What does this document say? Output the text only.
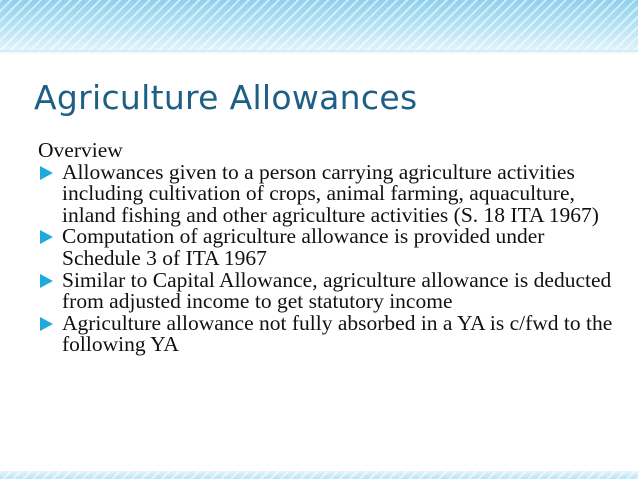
Agriculture Allowances
Overview
Allowances given to a person carrying agriculture activities including cultivation of crops, animal farming, aquaculture, inland fishing and other agriculture activities (S. 18 ITA 1967)
Computation of agriculture allowance is provided under Schedule 3 of ITA 1967
Similar to Capital Allowance, agriculture allowance is deducted from adjusted income to get statutory income
Agriculture allowance not fully absorbed in a YA is c/fwd to the following YA
